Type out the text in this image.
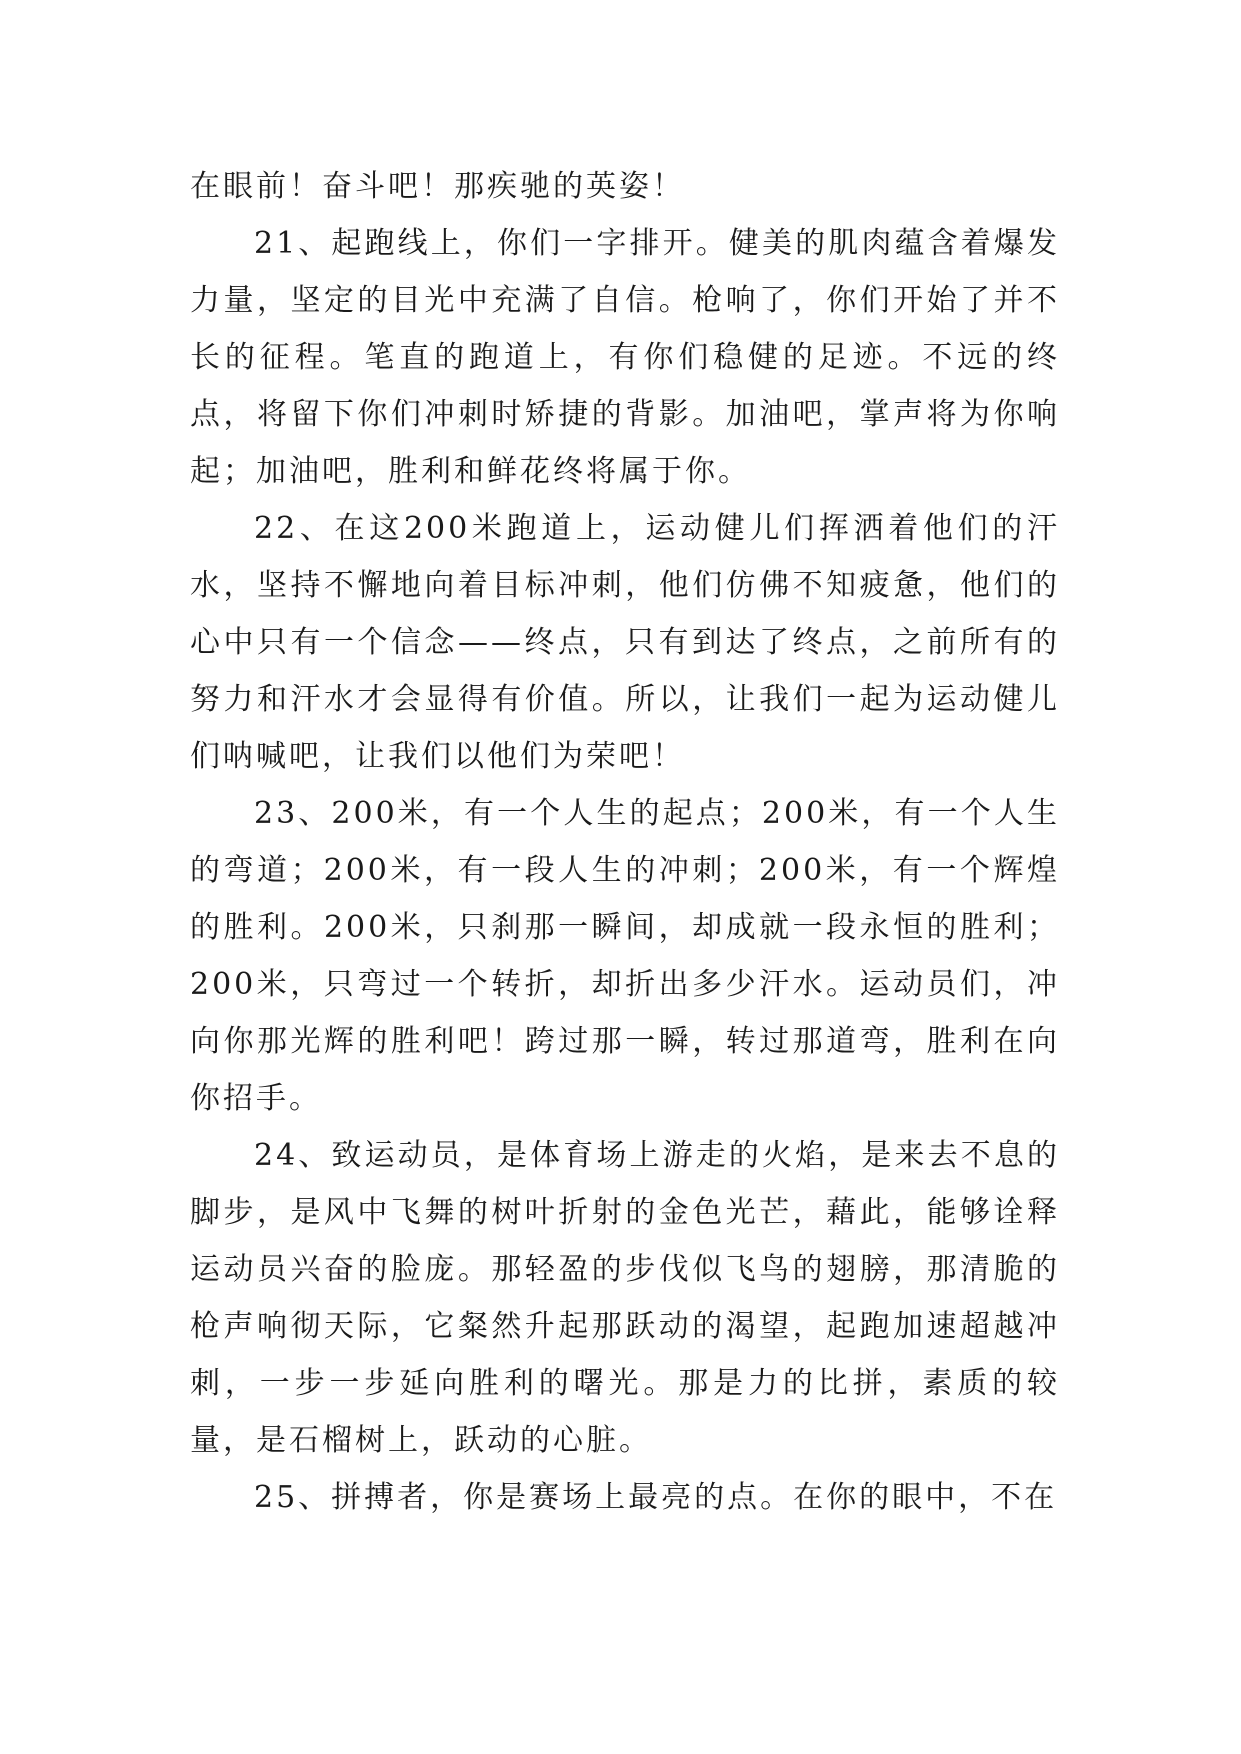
在眼前！奋斗吧！那疾驰的英姿！

21、起跑线上，你们一字排开。健美的肌肉蕴含着爆发力量，坚定的目光中充满了自信。枪响了，你们开始了并不长的征程。笔直的跑道上，有你们稳健的足迹。不远的终点，将留下你们冲刺时矫捷的背影。加油吧，掌声将为你响起；加油吧，胜利和鲜花终将属于你。

22、在这200米跑道上，运动健儿们挥洒着他们的汗水，坚持不懈地向着目标冲刺，他们仿佛不知疲惫，他们的心中只有一个信念——终点，只有到达了终点，之前所有的努力和汗水才会显得有价值。所以，让我们一起为运动健儿们呐喊吧，让我们以他们为荣吧！

23、200米，有一个人生的起点；200米，有一个人生的弯道；200米，有一段人生的冲刺；200米，有一个辉煌的胜利。200米，只刹那一瞬间，却成就一段永恒的胜利；200米，只弯过一个转折，却折出多少汗水。运动员们，冲向你那光辉的胜利吧！跨过那一瞬，转过那道弯，胜利在向你招手。

24、致运动员，是体育场上游走的火焰，是来去不息的脚步，是风中飞舞的树叶折射的金色光芒，藉此，能够诠释运动员兴奋的脸庞。那轻盈的步伐似飞鸟的翅膀，那清脆的枪声响彻天际，它粲然升起那跃动的渴望，起跑加速超越冲刺，一步一步延向胜利的曙光。那是力的比拼，素质的较量，是石榴树上，跃动的心脏。

25、拼搏者，你是赛场上最亮的点。在你的眼中，不在
